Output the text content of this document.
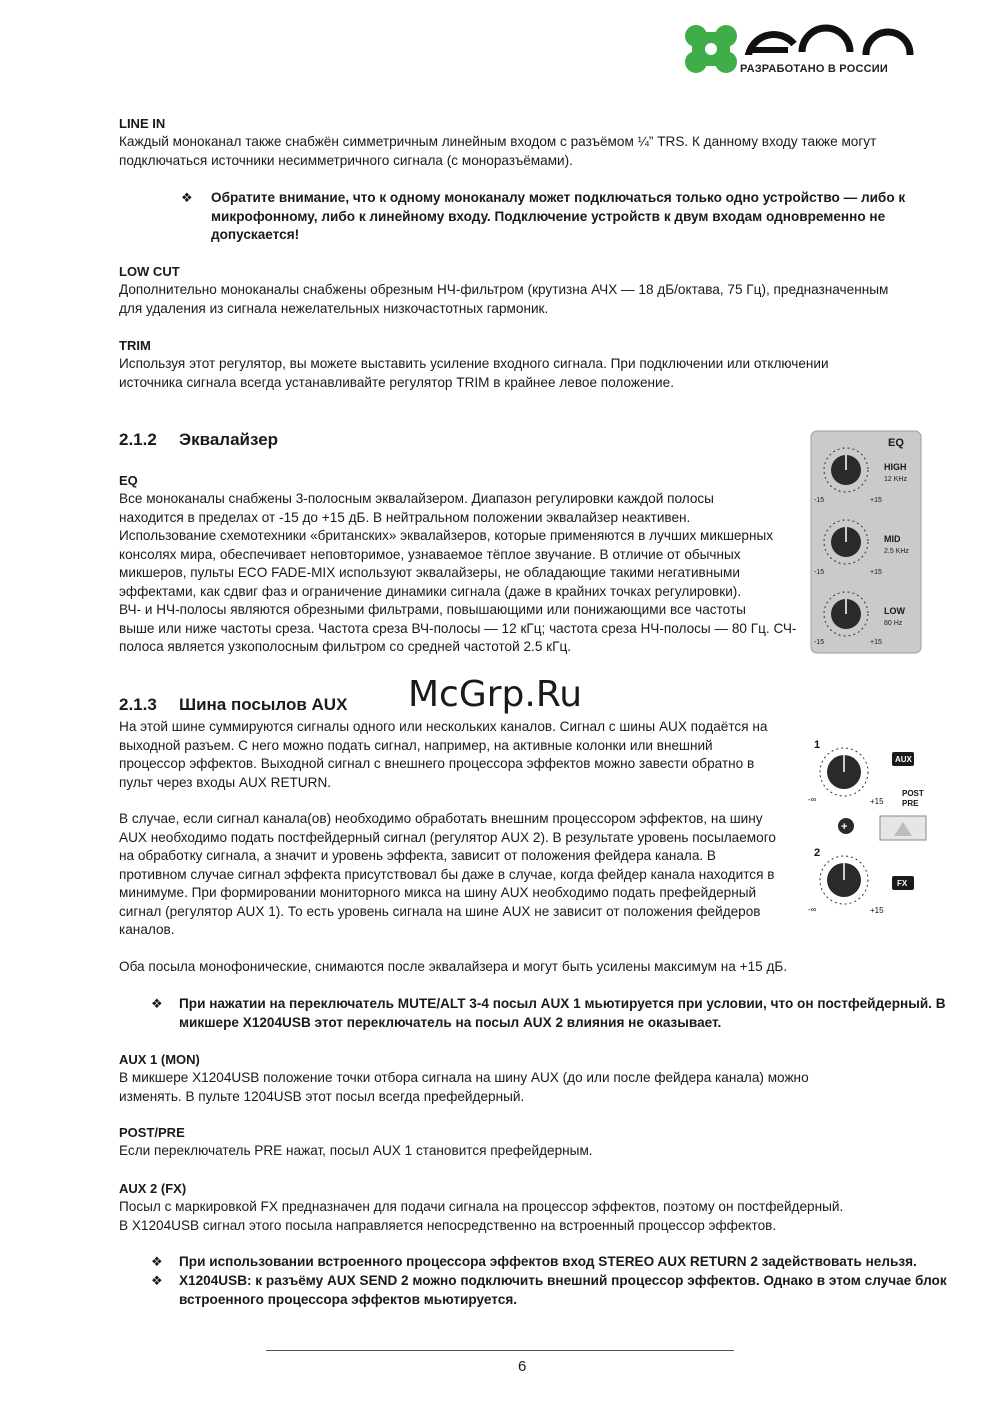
РАЗРАБОТАНО В РОССИИ
LINE IN

Каждый моноканал также снабжён симметричным линейным входом с разъёмом ¼” TRS. К данному входу также могут

подключаться источники несимметричного сигнала (с моноразъёмами).

❖ Обратите внимание, что к одному моноканалу может подключаться только одно устройство — либо к

микрофонному, либо к линейному входу. Подключение устройств к двум входам одновременно не

допускается!

LOW CUT

Дополнительно моноканалы снабжены обрезным НЧ-фильтром (крутизна АЧХ — 18 дБ/октава, 75 Гц), предназначенным

для удаления из сигнала нежелательных низкочастотных гармоник.

TRIM

Используя этот регулятор, вы можете выставить усиление входного сигнала. При подключении или отключении

источника сигнала всегда устанавливайте регулятор TRIM в крайнее левое положение.

2.1.2 Эквалайзер
EQ

Все моноканалы снабжены 3-полосным эквалайзером. Диапазон регулировки каждой полосы

находится в пределах от -15 до +15 дБ. В нейтральном положении эквалайзер неактивен.

Использование схемотехники «британских» эквалайзеров, которые применяются в лучших микшерных

консолях мира, обеспечивает неповторимое, узнаваемое тёплое звучание. В отличие от обычных

микшеров, пульты ECO FADE-MIX используют эквалайзеры, не обладающие такими негативными

эффектами, как сдвиг фаз и ограничение динамики сигнала (даже в крайних точках регулировки).

ВЧ- и НЧ-полосы являются обрезными фильтрами, повышающими или понижающими все частоты

выше или ниже частоты среза. Частота среза ВЧ-полосы — 12 кГц; частота среза НЧ-полосы — 80 Гц. СЧ-

полоса является узкополосным фильтром со средней частотой 2.5 кГц.

EQ
HIGH
12 KHz
-15	+15
MID
2.5 KHz
-15	+15
LOW
80 Hz
-15	+15
2.1.3 Шина посылов AUX

На этой шине суммируются сигналы одного или нескольких каналов. Сигнал с шины AUX подаётся на

выходной разъем. С него можно подать сигнал, например, на активные колонки или внешний

процессор эффектов. Выходной сигнал с внешнего процессора эффектов можно завести обратно в

пульт через входы AUX RETURN.

В случае, если сигнал канала(ов) необходимо обработать внешним процессором эффектов, на шину

AUX необходимо подать постфейдерный сигнал (регулятор AUX 2). В результате уровень посылаемого

на обработку сигнала, а значит и уровень эффекта, зависит от положения фейдера канала. В

противном случае сигнал эффекта присутствовал бы даже в случае, когда фейдер канала находится в

минимуме. При формировании мониторного микса на шину AUX необходимо подать префейдерный

сигнал (регулятор AUX 1). То есть уровень сигнала на шине AUX не зависит от положения фейдеров

каналов.

Оба посыла монофонические, снимаются после эквалайзера и могут быть усилены максимум на +15 дБ.
❖ При нажатии на переключатель MUTE/ALT 3-4 посыл AUX 1 мьютируется при условии, что он постфейдерный. В

микшере X1204USB этот переключатель на посыл AUX 2 влияния не оказывает.

1
-∞	+15
AUX
POST
PRE
+
2
-∞	+15
FX
AUX 1 (MON)

В микшере X1204USB положение точки отбора сигнала на шину AUX (до или после фейдера канала) можно

изменять. В пульте 1204USB этот посыл всегда префейдерный.

POST/PRE

Если переключатель PRE нажат, посыл AUX 1 становится префейдерным.

AUX 2 (FX)

Посыл с маркировкой FX предназначен для подачи сигнала на процессор эффектов, поэтому он постфейдерный.

В X1204USB сигнал этого посыла направляется непосредственно на встроенный процессор эффектов.

❖ При использовании встроенного процессора эффектов вход STEREO AUX RETURN 2 задействовать нельзя.
❖ X1204USB: к разъёму AUX SEND 2 можно подключить внешний процессор эффектов. Однако в этом случае блок

встроенного процессора эффектов мьютируется.

McGrp.Ru
6
